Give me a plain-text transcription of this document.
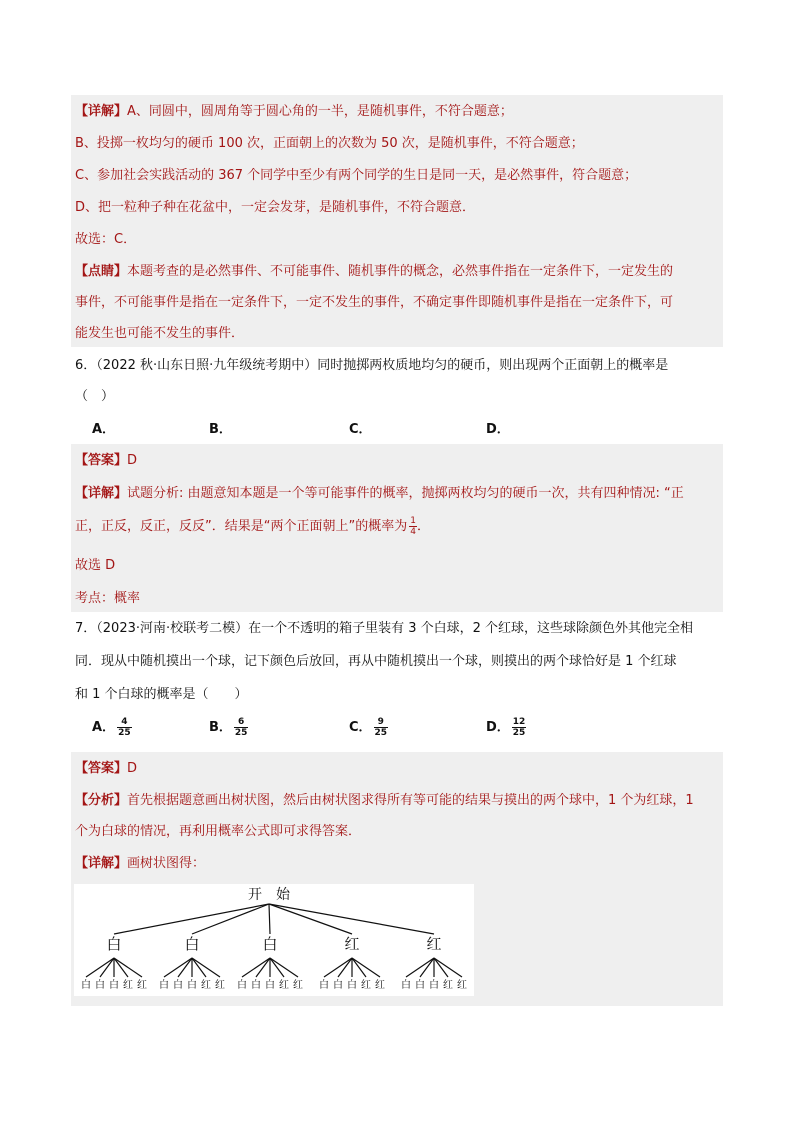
【详解】A、同圆中，圆周角等于圆心角的一半，是随机事件，不符合题意；
B、投掷一枚均匀的硬币 100 次，正面朝上的次数为 50 次，是随机事件，不符合题意；
C、参加社会实践活动的 367 个同学中至少有两个同学的生日是同一天，是必然事件，符合题意；
D、把一粒种子种在花盆中，一定会发芽，是随机事件，不符合题意．
故选：C．
【点睛】本题考查的是必然事件、不可能事件、随机事件的概念，必然事件指在一定条件下，一定发生的
事件，不可能事件是指在一定条件下，一定不发生的事件，不确定事件即随机事件是指在一定条件下，可
能发生也可能不发生的事件．
6．（2022 秋·山东日照·九年级统考期中）同时抛掷两枚质地均匀的硬币，则出现两个正面朝上的概率是
（　）
A．	B．	C．	D．
【答案】D
【详解】试题分析: 由题意知本题是一个等可能事件的概率，抛掷两枚均匀的硬币一次，共有四种情况: “正
正，正反，反正，反反”．结果是“两个正面朝上”的概率为 $\frac{1}{4}$ ．
故选 D
考点：概率
7．（2023·河南·校联考二模）在一个不透明的箱子里装有 3 个白球，2 个红球，这些球除颜色外其他完全相
同．现从中随机摸出一个球，记下颜色后放回，再从中随机摸出一个球，则摸出的两个球恰好是 1 个红球
和 1 个白球的概率是（　　）
A． $\frac{4}{25}$	B． $\frac{6}{25}$	C． $\frac{9}{25}$	D． $\frac{12}{25}$
【答案】D
【分析】首先根据题意画出树状图，然后由树状图求得所有等可能的结果与摸出的两个球中，1 个为红球，1
个为白球的情况，再利用概率公式即可求得答案．
【详解】画树状图得：
开　始
白	白	白	红	红
白 白 白 红 红 白 白 白 红 红 白 白 白 红 红 白 白 白 红 红 白 白 白 红 红
